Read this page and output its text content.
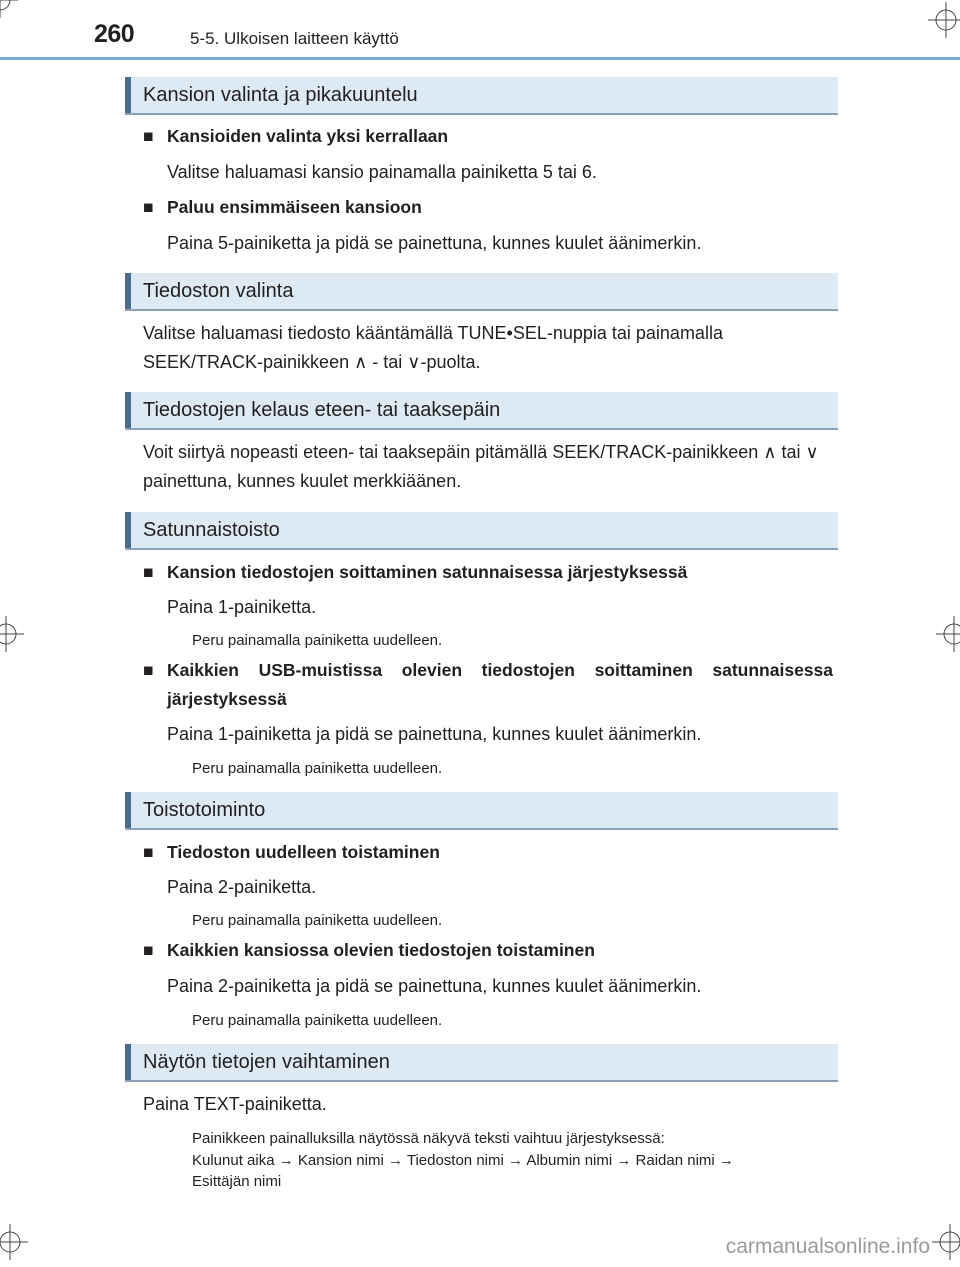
260	5-5. Ulkoisen laitteen käyttö
Kansion valinta ja pikakuuntelu
■ Kansioiden valinta yksi kerrallaan
Valitse haluamasi kansio painamalla painiketta 5 tai 6.
■ Paluu ensimmäiseen kansioon
Paina 5-painiketta ja pidä se painettuna, kunnes kuulet äänimerkin.
Tiedoston valinta
Valitse haluamasi tiedosto kääntämällä TUNE•SEL-nuppia tai painamalla SEEK/TRACK-painikkeen ∧ - tai ∨-puolta.
Tiedostojen kelaus eteen- tai taaksepäin
Voit siirtyä nopeasti eteen- tai taaksepäin pitämällä SEEK/TRACK-painikkeen ∧ tai ∨ painettuna, kunnes kuulet merkkiäänen.
Satunnaistoisto
■ Kansion tiedostojen soittaminen satunnaisessa järjestyksessä
Paina 1-painiketta.
Peru painamalla painiketta uudelleen.
■ Kaikkien USB-muistissa olevien tiedostojen soittaminen satunnaisessa järjestyksessä
Paina 1-painiketta ja pidä se painettuna, kunnes kuulet äänimerkin.
Peru painamalla painiketta uudelleen.
Toistotoiminto
■ Tiedoston uudelleen toistaminen
Paina 2-painiketta.
Peru painamalla painiketta uudelleen.
■ Kaikkien kansiossa olevien tiedostojen toistaminen
Paina 2-painiketta ja pidä se painettuna, kunnes kuulet äänimerkin.
Peru painamalla painiketta uudelleen.
Näytön tietojen vaihtaminen
Paina TEXT-painiketta.
Painikkeen painalluksilla näytössä näkyvä teksti vaihtuu järjestyksessä:
Kulunut aika → Kansion nimi → Tiedoston nimi → Albumin nimi → Raidan nimi →
Esittäjän nimi
carmanualsonline.info
